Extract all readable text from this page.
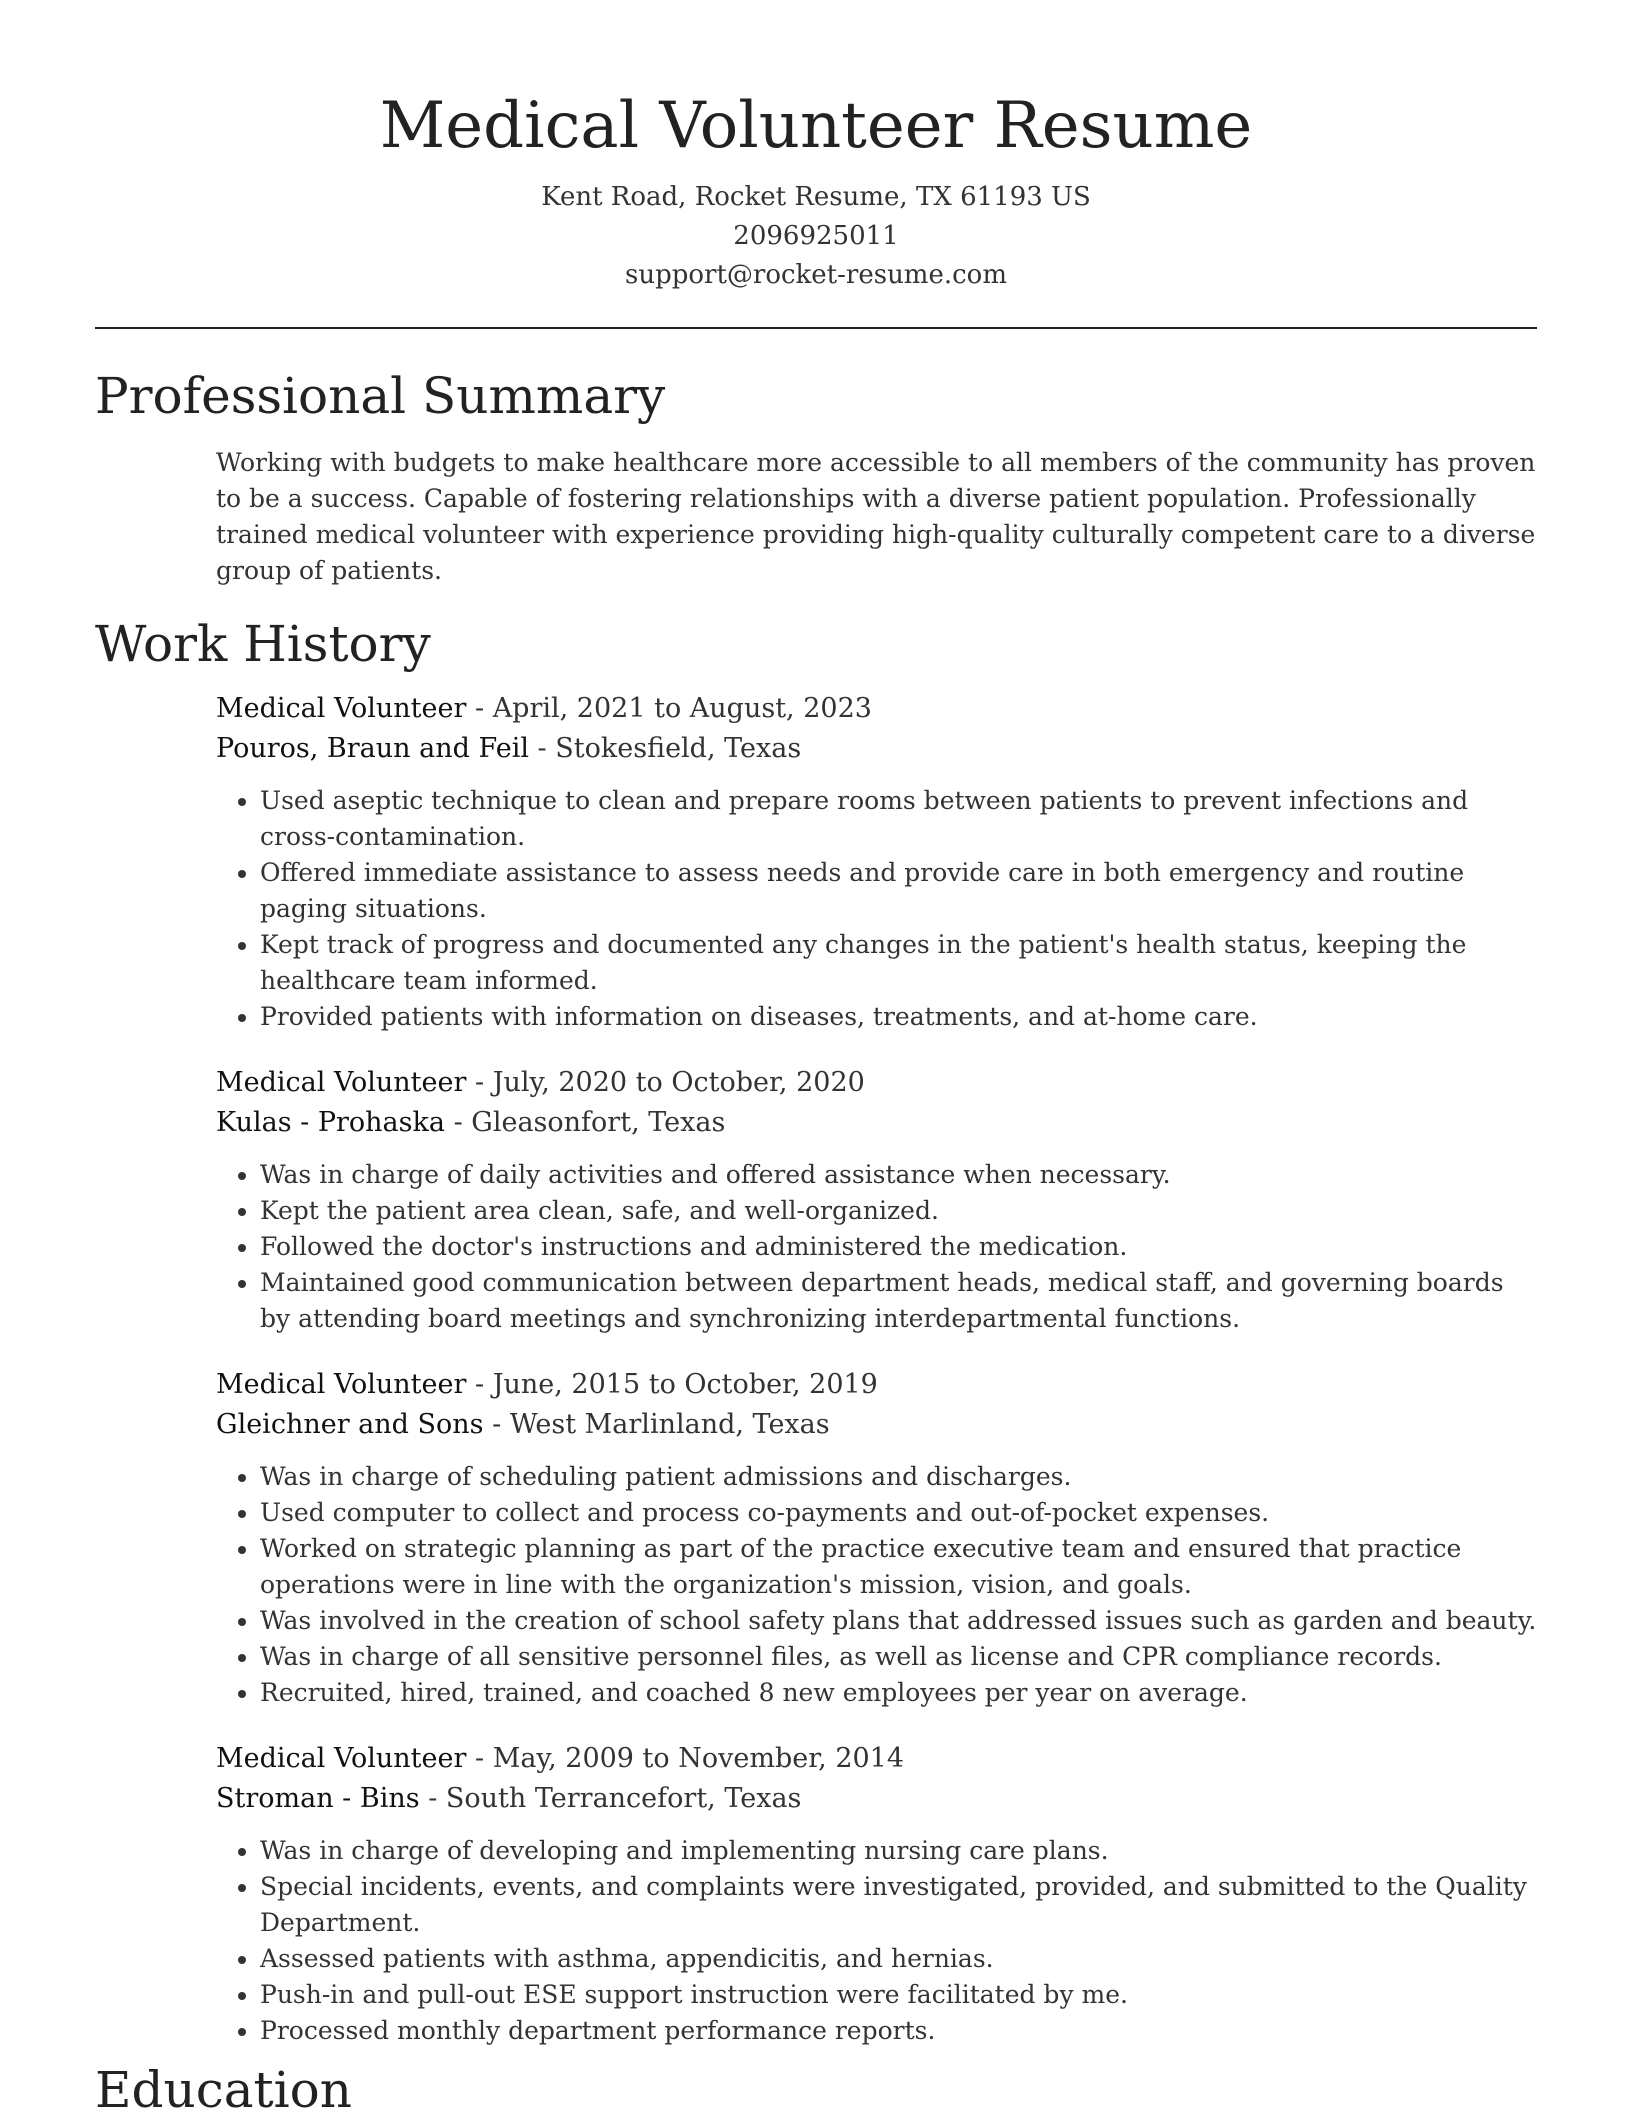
Medical Volunteer Resume
Kent Road, Rocket Resume, TX 61193 US
2096925011
support@rocket-resume.com
Professional Summary

Working with budgets to make healthcare more accessible to all members of the community has proven to be a success. Capable of fostering relationships with a diverse patient population. Professionally trained medical volunteer with experience providing high-quality culturally competent care to a diverse group of patients.

Work History
Medical Volunteer - April, 2021 to August, 2023
Pouros, Braun and Feil - Stokesfield, Texas
• Used aseptic technique to clean and prepare rooms between patients to prevent infections and cross-contamination.
• Offered immediate assistance to assess needs and provide care in both emergency and routine paging situations.
• Kept track of progress and documented any changes in the patient's health status, keeping the healthcare team informed.
• Provided patients with information on diseases, treatments, and at-home care.
Medical Volunteer - July, 2020 to October, 2020
Kulas - Prohaska - Gleasonfort, Texas
• Was in charge of daily activities and offered assistance when necessary.
• Kept the patient area clean, safe, and well-organized.
• Followed the doctor's instructions and administered the medication.
• Maintained good communication between department heads, medical staff, and governing boards by attending board meetings and synchronizing interdepartmental functions.
Medical Volunteer - June, 2015 to October, 2019
Gleichner and Sons - West Marlinland, Texas
• Was in charge of scheduling patient admissions and discharges.
• Used computer to collect and process co-payments and out-of-pocket expenses.
• Worked on strategic planning as part of the practice executive team and ensured that practice operations were in line with the organization's mission, vision, and goals.
• Was involved in the creation of school safety plans that addressed issues such as garden and beauty.
• Was in charge of all sensitive personnel files, as well as license and CPR compliance records.
• Recruited, hired, trained, and coached 8 new employees per year on average.
Medical Volunteer - May, 2009 to November, 2014
Stroman - Bins - South Terrancefort, Texas
• Was in charge of developing and implementing nursing care plans.
• Special incidents, events, and complaints were investigated, provided, and submitted to the Quality Department.
• Assessed patients with asthma, appendicitis, and hernias.
• Push-in and pull-out ESE support instruction were facilitated by me.
• Processed monthly department performance reports.
Education
